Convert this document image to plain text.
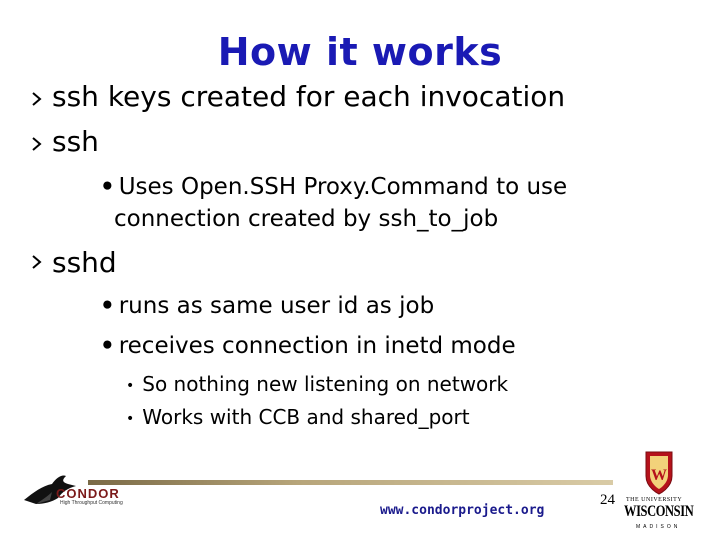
How it works
ssh keys created for each invocation
ssh
• Uses Open.SSH Proxy.Command to use
connection created by ssh_to_job
sshd
• runs as same user id as job
• receives connection in inetd mode
• So nothing new listening on network
• Works with CCB and shared_port
CONDOR
High Throughput Computing	www.condorproject.org
24
W
THE UNIVERSITY
WISCONSIN
MADISON
